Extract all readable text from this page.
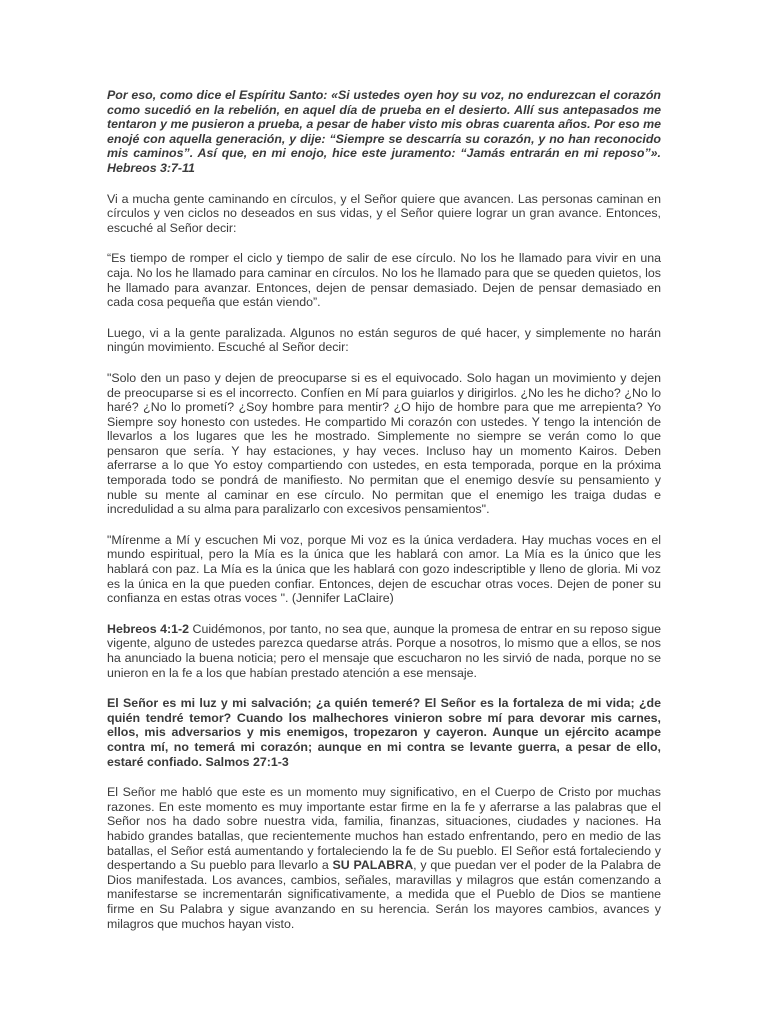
Por eso, como dice el Espíritu Santo: «Si ustedes oyen hoy su voz, no endurezcan el corazón como sucedió en la rebelión, en aquel día de prueba en el desierto. Allí sus antepasados me tentaron y me pusieron a prueba, a pesar de haber visto mis obras cuarenta años. Por eso me enojé con aquella generación, y dije: “Siempre se descarría su corazón, y no han reconocido mis caminos”. Así que, en mi enojo, hice este juramento: “Jamás entrarán en mi reposo”». Hebreos 3:7-11

Vi a mucha gente caminando en círculos, y el Señor quiere que avancen. Las personas caminan en círculos y ven ciclos no deseados en sus vidas, y el Señor quiere lograr un gran avance. Entonces, escuché al Señor decir:

“Es tiempo de romper el ciclo y tiempo de salir de ese círculo. No los he llamado para vivir en una caja. No los he llamado para caminar en círculos. No los he llamado para que se queden quietos, los he llamado para avanzar. Entonces, dejen de pensar demasiado. Dejen de pensar demasiado en cada cosa pequeña que están viendo”.

Luego, vi a la gente paralizada. Algunos no están seguros de qué hacer, y simplemente no harán ningún movimiento. Escuché al Señor decir:

"Solo den un paso y dejen de preocuparse si es el equivocado. Solo hagan un movimiento y dejen de preocuparse si es el incorrecto. Confíen en Mí para guiarlos y dirigirlos. ¿No les he dicho? ¿No lo haré? ¿No lo prometí? ¿Soy hombre para mentir? ¿O hijo de hombre para que me arrepienta? Yo Siempre soy honesto con ustedes. He compartido Mi corazón con ustedes. Y tengo la intención de llevarlos a los lugares que les he mostrado. Simplemente no siempre se verán como lo que pensaron que sería. Y hay estaciones, y hay veces. Incluso hay un momento Kairos. Deben aferrarse a lo que Yo estoy compartiendo con ustedes, en esta temporada, porque en la próxima temporada todo se pondrá de manifiesto. No permitan que el enemigo desvíe su pensamiento y nuble su mente al caminar en ese círculo. No permitan que el enemigo les traiga dudas e incredulidad a su alma para paralizarlo con excesivos pensamientos".

"Mírenme a Mí y escuchen Mi voz, porque Mi voz es la única verdadera. Hay muchas voces en el mundo espiritual, pero la Mía es la única que les hablará con amor. La Mía es la único que les hablará con paz. La Mía es la única que les hablará con gozo indescriptible y lleno de gloria. Mi voz es la única en la que pueden confiar. Entonces, dejen de escuchar otras voces. Dejen de poner su confianza en estas otras voces ". (Jennifer LaClaire)

Hebreos 4:1-2 Cuidémonos, por tanto, no sea que, aunque la promesa de entrar en su reposo sigue vigente, alguno de ustedes parezca quedarse atrás. Porque a nosotros, lo mismo que a ellos, se nos ha anunciado la buena noticia; pero el mensaje que escucharon no les sirvió de nada, porque no se unieron en la fe a los que habían prestado atención a ese mensaje.

El Señor es mi luz y mi salvación; ¿a quién temeré? El Señor es la fortaleza de mi vida; ¿de quién tendré temor? Cuando los malhechores vinieron sobre mí para devorar mis carnes, ellos, mis adversarios y mis enemigos, tropezaron y cayeron. Aunque un ejército acampe contra mí, no temerá mi corazón; aunque en mi contra se levante guerra, a pesar de ello, estaré confiado. Salmos 27:1-3

El Señor me habló que este es un momento muy significativo, en el Cuerpo de Cristo por muchas razones. En este momento es muy importante estar firme en la fe y aferrarse a las palabras que el Señor nos ha dado sobre nuestra vida, familia, finanzas, situaciones, ciudades y naciones. Ha habido grandes batallas, que recientemente muchos han estado enfrentando, pero en medio de las batallas, el Señor está aumentando y fortaleciendo la fe de Su pueblo. El Señor está fortaleciendo y despertando a Su pueblo para llevarlo a SU PALABRA, y que puedan ver el poder de la Palabra de Dios manifestada. Los avances, cambios, señales, maravillas y milagros que están comenzando a manifestarse se incrementarán significativamente, a medida que el Pueblo de Dios se mantiene firme en Su Palabra y sigue avanzando en su herencia. Serán los mayores cambios, avances y milagros que muchos hayan visto.
